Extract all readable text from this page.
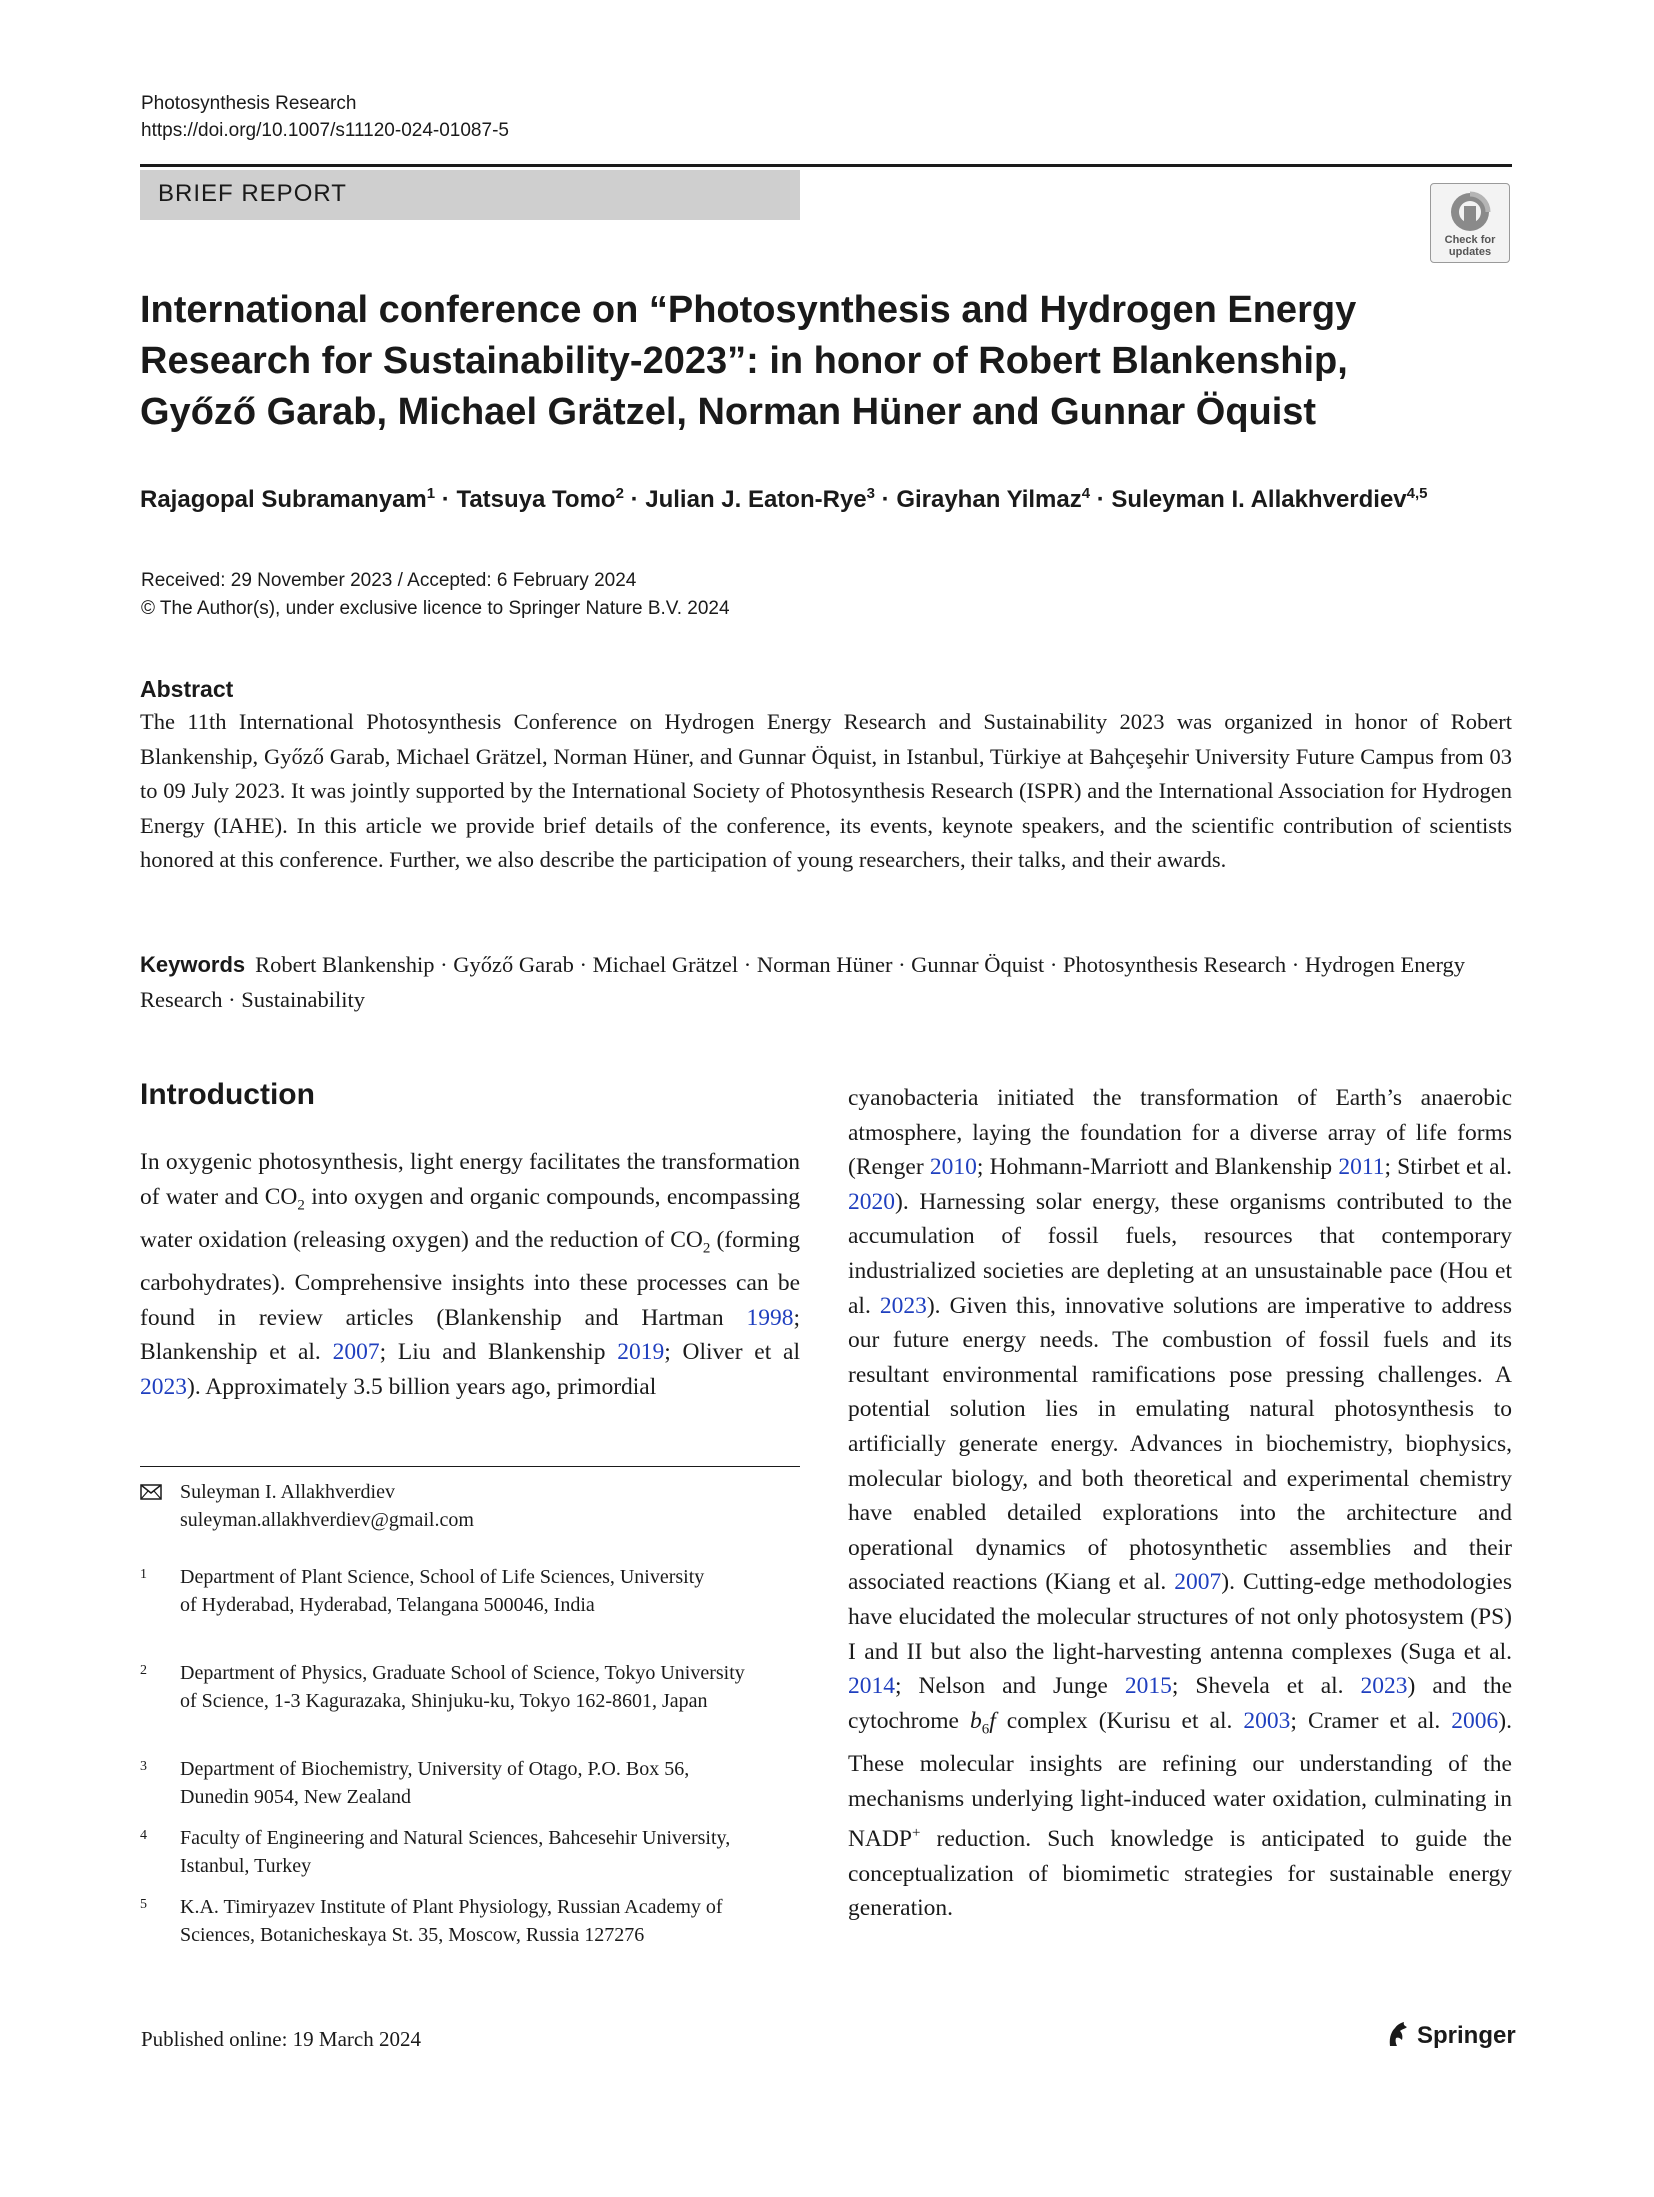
Photosynthesis Research
https://doi.org/10.1007/s11120-024-01087-5
BRIEF REPORT
Check for
updates
International conference on “Photosynthesis and Hydrogen Energy Research for Sustainability-2023”: in honor of Robert Blankenship, Győző Garab, Michael Grätzel, Norman Hüner and Gunnar Öquist
Rajagopal Subramanyam$^1$ · Tatsuya Tomo$^2$ · Julian J. Eaton-Rye$^3$ · Girayhan Yilmaz$^4$ · Suleyman I. Allakhverdiev$^{4,5}$
Received: 29 November 2023 / Accepted: 6 February 2024
© The Author(s), under exclusive licence to Springer Nature B.V. 2024
Abstract
The 11th International Photosynthesis Conference on Hydrogen Energy Research and Sustainability 2023 was organized in honor of Robert Blankenship, Győző Garab, Michael Grätzel, Norman Hüner, and Gunnar Öquist, in Istanbul, Türkiye at Bahçeşehir University Future Campus from 03 to 09 July 2023. It was jointly supported by the International Society of Photosynthesis Research (ISPR) and the International Association for Hydrogen Energy (IAHE). In this article we provide brief details of the conference, its events, keynote speakers, and the scientific contribution of scientists honored at this conference. Further, we also describe the participation of young researchers, their talks, and their awards.
Keywords Robert Blankenship · Győző Garab · Michael Grätzel · Norman Hüner · Gunnar Öquist · Photosynthesis Research · Hydrogen Energy Research · Sustainability
Introduction
In oxygenic photosynthesis, light energy facilitates the transformation of water and $CO_2$ into oxygen and organic compounds, encompassing water oxidation (releasing oxygen) and the reduction of $CO_2$ (forming carbohydrates). Comprehensive insights into these processes can be found in review articles (Blankenship and Hartman 1998; Blankenship et al. 2007; Liu and Blankenship 2019; Oliver et al 2023). Approximately 3.5 billion years ago, primordial
Suleyman I. Allakhverdiev
suleyman.allakhverdiev@gmail.com
1 Department of Plant Science, School of Life Sciences, University of Hyderabad, Hyderabad, Telangana 500046, India
2 Department of Physics, Graduate School of Science, Tokyo University of Science, 1-3 Kagurazaka, Shinjuku-ku, Tokyo 162-8601, Japan
3 Department of Biochemistry, University of Otago, P.O. Box 56, Dunedin 9054, New Zealand
4 Faculty of Engineering and Natural Sciences, Bahcesehir University, Istanbul, Turkey
5 K.A. Timiryazev Institute of Plant Physiology, Russian Academy of Sciences, Botanicheskaya St. 35, Moscow, Russia 127276
cyanobacteria initiated the transformation of Earth’s anaerobic atmosphere, laying the foundation for a diverse array of life forms (Renger 2010; Hohmann-Marriott and Blankenship 2011; Stirbet et al. 2020). Harnessing solar energy, these organisms contributed to the accumulation of fossil fuels, resources that contemporary industrialized societies are depleting at an unsustainable pace (Hou et al. 2023). Given this, innovative solutions are imperative to address our future energy needs. The combustion of fossil fuels and its resultant environmental ramifications pose pressing challenges. A potential solution lies in emulating natural photosynthesis to artificially generate energy. Advances in biochemistry, biophysics, molecular biology, and both theoretical and experimental chemistry have enabled detailed explorations into the architecture and operational dynamics of photosynthetic assemblies and their associated reactions (Kiang et al. 2007). Cutting-edge methodologies have elucidated the molecular structures of not only photosystem (PS) I and II but also the light-harvesting antenna complexes (Suga et al. 2014; Nelson and Junge 2015; Shevela et al. 2023) and the cytochrome $b_6f$ complex (Kurisu et al. 2003; Cramer et al. 2006). These molecular insights are refining our understanding of the mechanisms underlying light-induced water oxidation, culminating in NADP+ reduction. Such knowledge is anticipated to guide the conceptualization of biomimetic strategies for sustainable energy generation.
Published online: 19 March 2024	Springer
